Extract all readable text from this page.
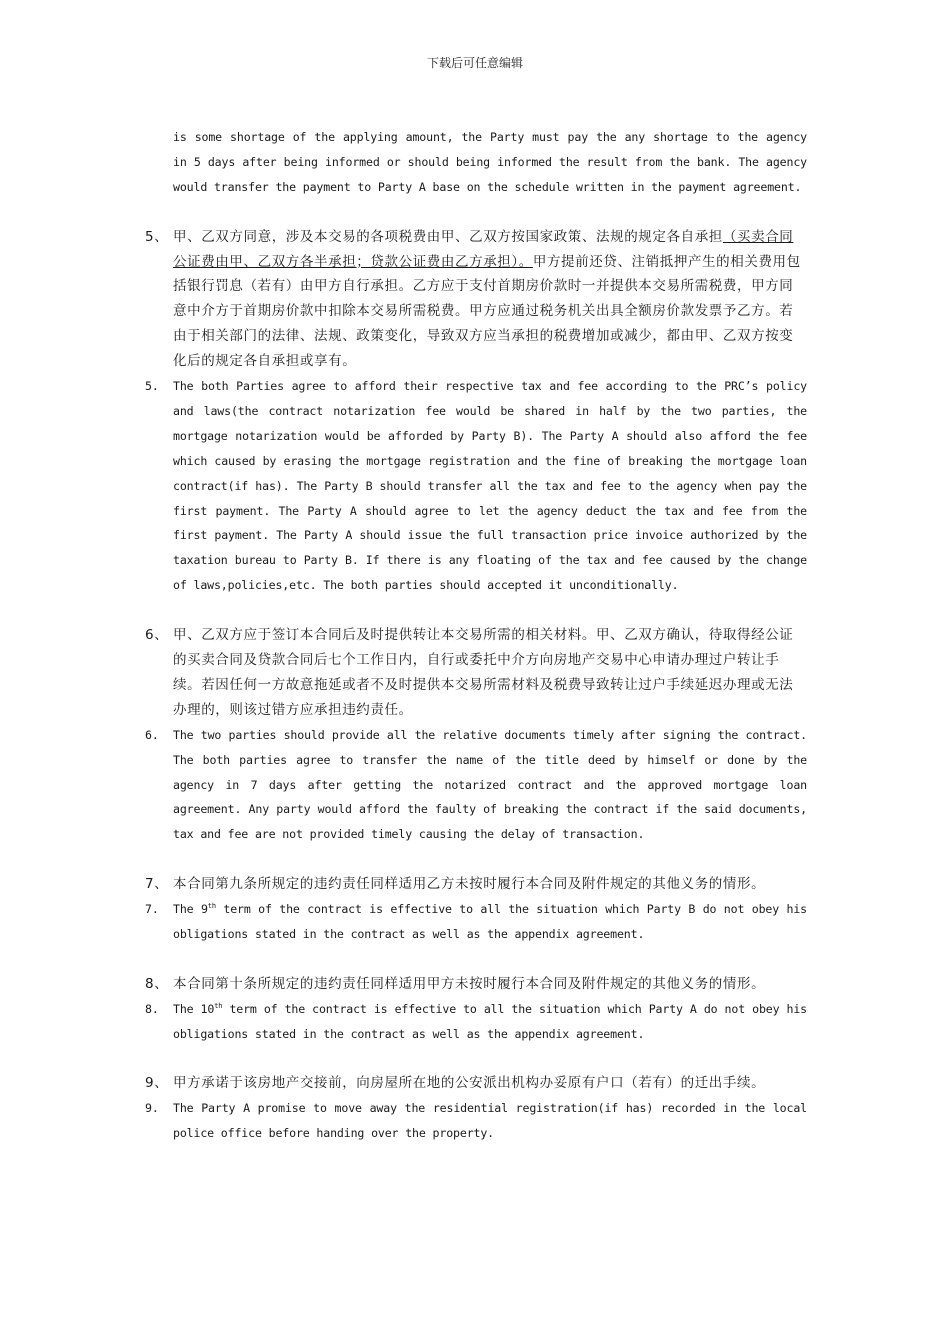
下载后可任意编辑
is some shortage of the applying amount, the Party must pay the any shortage to the agency in 5 days after being informed or should being informed the result from the bank. The agency would transfer the payment to Party A base on the schedule written in the payment agreement.
5、 甲、乙双方同意，涉及本交易的各项税费由甲、乙双方按国家政策、法规的规定各自承担（买卖合同公证费由甲、乙双方各半承担；贷款公证费由乙方承担）。甲方提前还贷、注销抵押产生的相关费用包括银行罚息（若有）由甲方自行承担。乙方应于支付首期房价款时一并提供本交易所需税费，甲方同意中介方于首期房价款中扣除本交易所需税费。甲方应通过税务机关出具全额房价款发票予乙方。若由于相关部门的法律、法规、政策变化，导致双方应当承担的税费增加或减少，都由甲、乙双方按变化后的规定各自承担或享有。
5. The both Parties agree to afford their respective tax and fee according to the PRC’s policy and laws(the contract notarization fee would be shared in half by the two parties, the mortgage notarization would be afforded by Party B). The Party A should also afford the fee which caused by erasing the mortgage registration and the fine of breaking the mortgage loan contract(if has). The Party B should transfer all the tax and fee to the agency when pay the first payment. The Party A should agree to let the agency deduct the tax and fee from the first payment. The Party A should issue the full transaction price invoice authorized by the taxation bureau to Party B. If there is any floating of the tax and fee caused by the change of laws,policies,etc. The both parties should accepted it unconditionally.
6、 甲、乙双方应于签订本合同后及时提供转让本交易所需的相关材料。甲、乙双方确认，待取得经公证的买卖合同及贷款合同后七个工作日内，自行或委托中介方向房地产交易中心申请办理过户转让手续。若因任何一方故意拖延或者不及时提供本交易所需材料及税费导致转让过户手续延迟办理或无法办理的，则该过错方应承担违约责任。
6. The two parties should provide all the relative documents timely after signing the contract. The both parties agree to transfer the name of the title deed by himself or done by the agency in 7 days after getting the notarized contract and the approved mortgage loan agreement. Any party would afford the faulty of breaking the contract if the said documents, tax and fee are not provided timely causing the delay of transaction.
7、 本合同第九条所规定的违约责任同样适用乙方未按时履行本合同及附件规定的其他义务的情形。
7. The 9th term of the contract is effective to all the situation which Party B do not obey his obligations stated in the contract as well as the appendix agreement.
8、 本合同第十条所规定的违约责任同样适用甲方未按时履行本合同及附件规定的其他义务的情形。
8. The 10th term of the contract is effective to all the situation which Party A do not obey his obligations stated in the contract as well as the appendix agreement.
9、 甲方承诺于该房地产交接前，向房屋所在地的公安派出机构办妥原有户口（若有）的迁出手续。
9. The Party A promise to move away the residential registration(if has) recorded in the local police office before handing over the property.
